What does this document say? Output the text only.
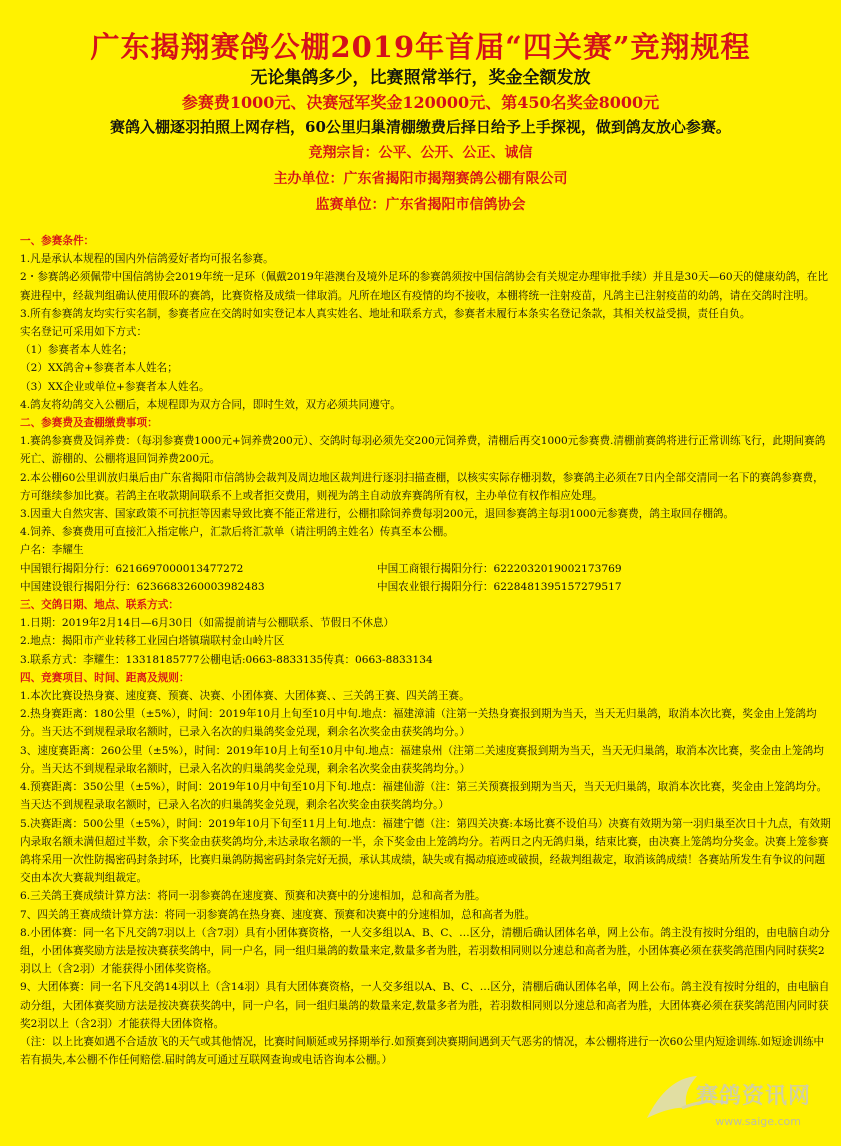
广东揭翔赛鸽公棚2019年首届“四关赛”竞翔规程
无论集鸽多少，比赛照常举行，奖金全额发放
参赛费1000元、决赛冠军奖金120000元、第450名奖金8000元
赛鸽入棚逐羽拍照上网存档，60公里归巢清棚缴费后择日给予上手探视，做到鸽友放心参赛。
竞翔宗旨：公平、公开、公正、诚信
主办单位：广东省揭阳市揭翔赛鸽公棚有限公司
监赛单位：广东省揭阳市信鸽协会

一、参赛条件：

1.凡是承认本规程的国内外信鸽爱好者均可报名参赛。

2・参赛鸽必须佩带中国信鸽协会2019年统一足环（佩戴2019年港澳台及境外足环的参赛鸽须按中国信鸽协会有关规定办理审批手续）并且是30天—60天的健康幼鸽，在比赛进程中，经裁判组确认使用假环的赛鸽，比赛资格及成绩一律取消。凡所在地区有疫情的均不接收，本棚将统一注射疫苗，凡鸽主已注射疫苗的幼鸽，请在交鸽时注明。

3.所有参赛鸽友均实行实名制，参赛者应在交鸽时如实登记本人真实姓名、地址和联系方式，参赛者未履行本条实名登记条款，其相关权益受损，责任自负。

实名登记可采用如下方式：

（1）参赛者本人姓名；

（2）XX鸽舍+参赛者本人姓名；

（3）XX企业或单位+参赛者本人姓名。

4.鸽友将幼鸽交入公棚后，本规程即为双方合同，即时生效，双方必须共同遵守。

二、参赛费及查棚缴费事项：

1.赛鸽参赛费及饲养费：（每羽参赛费1000元+饲养费200元）、交鸽时每羽必须先交200元饲养费，清棚后再交1000元参赛费.清棚前赛鸽将进行正常训练飞行，此期间赛鸽死亡、游棚的、公棚将退回饲养费200元。

2.本公棚60公里训放归巢后由广东省揭阳市信鸽协会裁判及周边地区裁判进行逐羽扫描查棚，以核实实际存栅羽数，参赛鸽主必须在7日内全部交清同一名下的赛鸽参赛费，方可继续参加比赛。若鸽主在收款期间联系不上或者拒交费用，则视为鸽主自动放弃赛鸽所有权，主办单位有权作相应处理。

3.因重大自然灾害、国家政策不可抗拒等因素导致比赛不能正常进行，公棚扣除饲养费每羽200元，退回参赛鸽主每羽1000元参赛费，鸽主取回存棚鸽。

4.饲养、参赛费用可直接汇入指定帐户，汇款后将汇款单（请注明鸽主姓名）传真至本公棚。

户名：李耀生

中国银行揭阳分行：6216697000013477272	中国工商银行揭阳分行：6222032019002173769
中国建设银行揭阳分行：6236683260003982483	中国农业银行揭阳分行：6228481395157279517

三、交鸽日期、地点、联系方式：

1.日期：2019年2月14日—6月30日（如需提前请与公棚联系、节假日不休息）

2.地点：揭阳市产业转移工业园白塔镇瑞联村金山岭片区

3.联系方式：李耀生：13318185777公棚电话:0663-8833135传真：0663-8833134

四、竞赛项目、时间、距离及规则：

1.本次比赛设热身赛、速度赛、预赛、决赛、小团体赛、大团体赛、、三关鸽王赛、四关鸽王赛。

2.热身赛距离：180公里（±5%），时间：2019年10月上旬至10月中旬.地点：福建漳浦（注第一关热身赛报到期为当天，当天无归巢鸽，取消本次比赛，奖金由上笼鸽均分。当天达不到规程录取名额时，已录入名次的归巢鸽奖金兑现，剩余名次奖金由获奖鸽均分。）

3、速度赛距离：260公里（±5%），时间：2019年10月上旬至10月中旬.地点：福建泉州（注第二关速度赛报到期为当天，当天无归巢鸽，取消本次比赛，奖金由上笼鸽均分。当天达不到规程录取名额时，已录入名次的归巢鸽奖金兑现，剩余名次奖金由获奖鸽均分。）

4.预赛距离：350公里（±5%），时间：2019年10月中旬至10月下旬.地点：福建仙游（注：第三关预赛报到期为当天，当天无归巢鸽，取消本次比赛，奖金由上笼鸽均分。当天达不到规程录取名额时，已录入名次的归巢鸽奖金兑现，剩余名次奖金由获奖鸽均分。）

5.决赛距离：500公里（±5%），时间：2019年10月下旬至11月上旬.地点：福建宁德（注：第四关决赛:本场比赛不设伯马）决赛有效期为第一羽归巢至次日十九点，有效期内录取名额未满但超过半数，余下奖金由获奖鸽均分,未达录取名额的一半，余下奖金由上笼鸽均分。若两日之内无鸽归巢，结束比赛，由决赛上笼鸽均分奖金。决赛上笼参赛鸽将采用一次性防揭密码封条封环，比赛归巢鸽防揭密码封条完好无损，承认其成绩，缺失或有揭动痕迹或破损，经裁判组裁定，取消该鸽成绩！各赛站所发生有争议的问题交由本次大赛裁判组裁定。

6.三关鸽王赛成绩计算方法：将同一羽参赛鸽在速度赛、预赛和决赛中的分速相加，总和高者为胜。

7、四关鸽王赛成绩计算方法：将同一羽参赛鸽在热身赛、速度赛、预赛和决赛中的分速相加，总和高者为胜。

8.小团体赛：同一名下凡交鸽7羽以上（含7羽）具有小团体赛资格，一人交多组以A、B、C、…区分，清棚后确认团体名单，网上公布。鸽主没有按时分组的，由电脑自动分组，小团体赛奖励方法是按决赛获奖鸽中，同一户名，同一组归巢鸽的数量来定,数量多者为胜，若羽数相同则以分速总和高者为胜，小团体赛必须在获奖鸽范围内同时获奖2羽以上（含2羽）才能获得小团体奖资格。

9、大团体赛：同一名下凡交鸽14羽以上（含14羽）具有大团体赛资格，一人交多组以A、B、C、…区分，清棚后确认团体名单，网上公布。鸽主没有按时分组的，由电脑自动分组，大团体赛奖励方法是按决赛获奖鸽中，同一户名，同一组归巢鸽的数量来定,数量多者为胜，若羽数相同则以分速总和高者为胜，大团体赛必须在获奖鸽范围内同时获奖2羽以上（含2羽）才能获得大团体资格。

（注：以上比赛如遇不合适放飞的天气或其他情况，比赛时间顺延或另择期举行.如预赛到决赛期间遇到天气恶劣的情况，本公棚将进行一次60公里内短途训练.如短途训练中若有损失,本公棚不作任何赔偿.届时鸽友可通过互联网查询或电话咨询本公棚。）

赛鸽资讯网
www.saige.com
